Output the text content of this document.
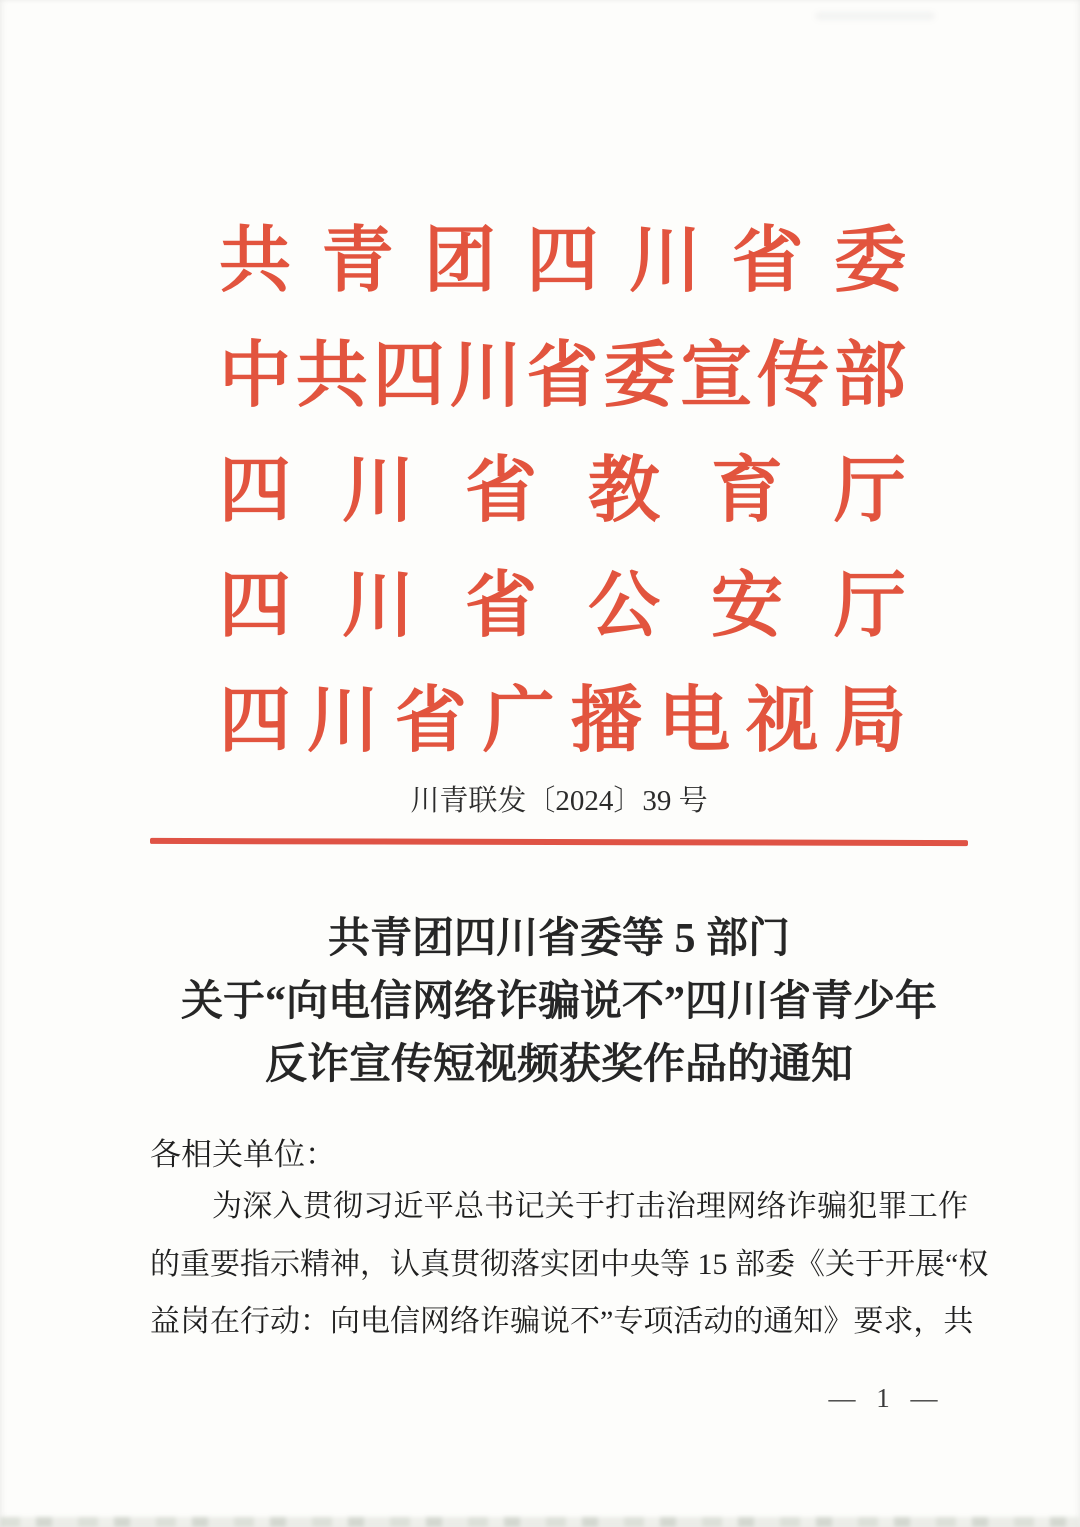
共青团四川省委
中共四川省委宣传部
四川省教育厅
四川省公安厅
四川省广播电视局
川青联发〔2024〕39 号
共青团四川省委等 5 部门
关于“向电信网络诈骗说不”四川省青少年
反诈宣传短视频获奖作品的通知
各相关单位：
为深入贯彻习近平总书记关于打击治理网络诈骗犯罪工作
的重要指示精神，认真贯彻落实团中央等 15 部委《关于开展“权
益岗在行动：向电信网络诈骗说不”专项活动的通知》要求，共
— 1 —
